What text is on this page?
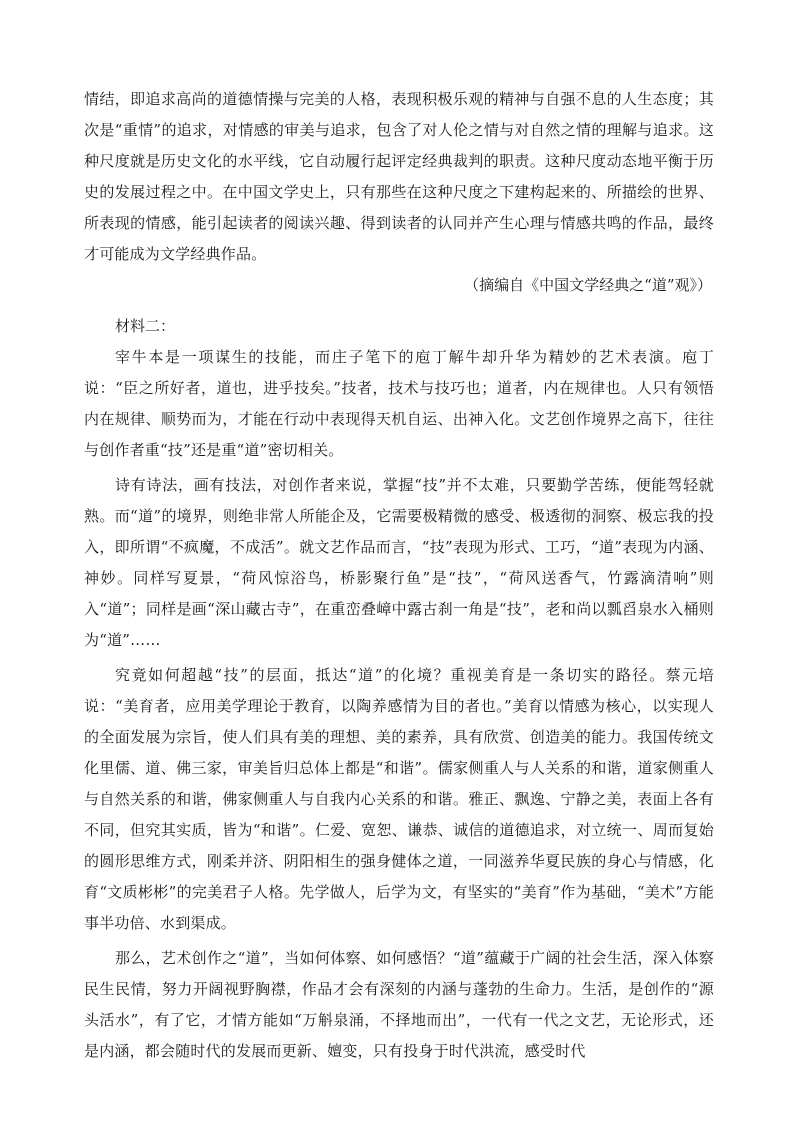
情结，即追求高尚的道德情操与完美的人格，表现积极乐观的精神与自强不息的人生态度；其次是“重情”的追求，对情感的审美与追求，包含了对人伦之情与对自然之情的理解与追求。这种尺度就是历史文化的水平线，它自动履行起评定经典裁判的职责。这种尺度动态地平衡于历史的发展过程之中。在中国文学史上，只有那些在这种尺度之下建构起来的、所描绘的世界、所表现的情感，能引起读者的阅读兴趣、得到读者的认同并产生心理与情感共鸣的作品，最终才可能成为文学经典作品。

（摘编自《中国文学经典之“道”观》）

材料二：

宰牛本是一项谋生的技能，而庄子笔下的庖丁解牛却升华为精妙的艺术表演。庖丁说：“臣之所好者，道也，进乎技矣。”技者，技术与技巧也；道者，内在规律也。人只有领悟内在规律、顺势而为，才能在行动中表现得天机自运、出神入化。文艺创作境界之高下，往往与创作者重“技”还是重“道”密切相关。

诗有诗法，画有技法，对创作者来说，掌握“技”并不太难，只要勤学苦练，便能驾轻就熟。而“道”的境界，则绝非常人所能企及，它需要极精微的感受、极透彻的洞察、极忘我的投入，即所谓“不疯魔，不成活”。就文艺作品而言，“技”表现为形式、工巧，“道”表现为内涵、神妙。同样写夏景，“荷风惊浴鸟，桥影聚行鱼”是“技”，“荷风送香气，竹露滴清响”则入“道”；同样是画“深山藏古寺”，在重峦叠嶂中露古刹一角是“技”，老和尚以瓢舀泉水入桶则为“道”……

究竟如何超越“技”的层面，抵达“道”的化境？重视美育是一条切实的路径。蔡元培说：“美育者，应用美学理论于教育，以陶养感情为目的者也。”美育以情感为核心，以实现人的全面发展为宗旨，使人们具有美的理想、美的素养，具有欣赏、创造美的能力。我国传统文化里儒、道、佛三家，审美旨归总体上都是“和谐”。儒家侧重人与人关系的和谐，道家侧重人与自然关系的和谐，佛家侧重人与自我内心关系的和谐。雅正、飘逸、宁静之美，表面上各有不同，但究其实质，皆为“和谐”。仁爱、宽恕、谦恭、诚信的道德追求，对立统一、周而复始的圆形思维方式，刚柔并济、阴阳相生的强身健体之道，一同滋养华夏民族的身心与情感，化育“文质彬彬”的完美君子人格。先学做人，后学为文，有坚实的“美育”作为基础，“美术”方能事半功倍、水到渠成。

那么，艺术创作之“道”，当如何体察、如何感悟？“道”蕴藏于广阔的社会生活，深入体察民生民情，努力开阔视野胸襟，作品才会有深刻的内涵与蓬勃的生命力。生活，是创作的“源头活水”，有了它，才情方能如“万斛泉涌，不择地而出”，一代有一代之文艺，无论形式，还是内涵，都会随时代的发展而更新、嬗变，只有投身于时代洪流，感受时代
